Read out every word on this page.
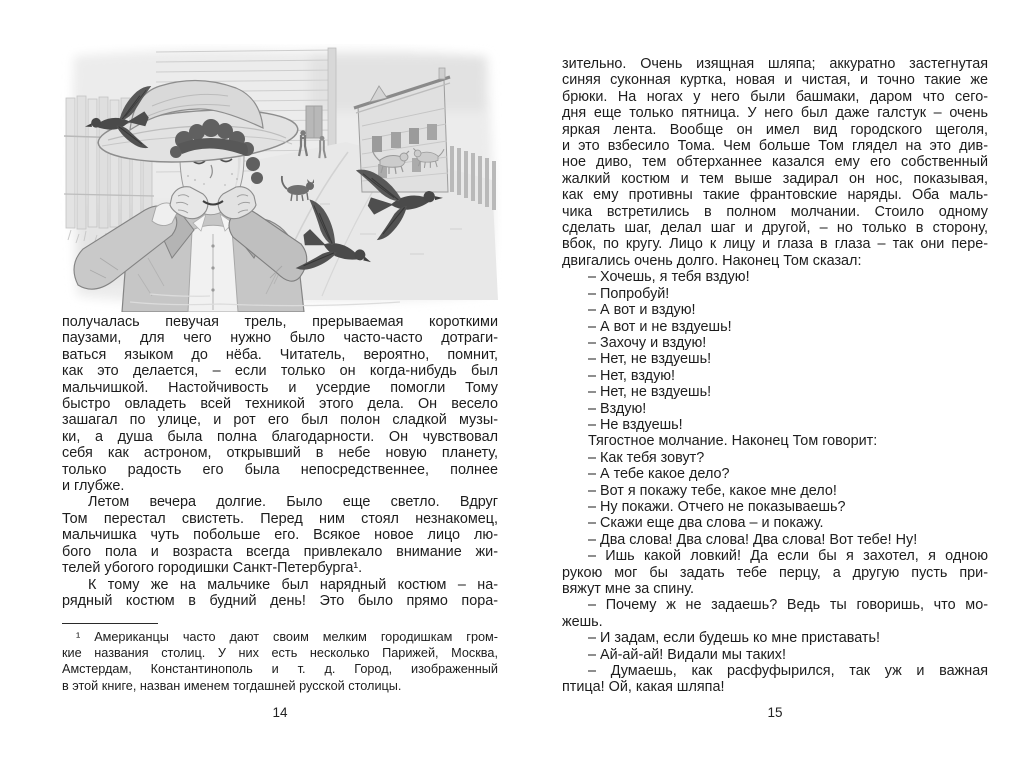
получалась певучая трель, прерываемая короткими
паузами, для чего нужно было часто-часто дотраги-
ваться языком до нёба. Читатель, вероятно, помнит,
как это делается, – если только он когда-нибудь был
мальчишкой. Настойчивость и усердие помогли Тому
быстро овладеть всей техникой этого дела. Он весело
зашагал по улице, и рот его был полон сладкой музы-
ки, а душа была полна благодарности. Он чувствовал
себя как астроном, открывший в небе новую планету,
только радость его была непосредственнее, полнее
и глубже.
Летом вечера долгие. Было еще светло. Вдруг
Том перестал свистеть. Перед ним стоял незнакомец,
мальчишка чуть побольше его. Всякое новое лицо лю-
бого пола и возраста всегда привлекало внимание жи-
телей убогого городишки Санкт-Петербурга¹.
К тому же на мальчике был нарядный костюм – на-
рядный костюм в будний день! Это было прямо пора-
¹ Американцы часто дают своим мелким городишкам гром-
кие названия столиц. У них есть несколько Парижей, Москва,
Амстердам, Константинополь и т. д. Город, изображенный
в этой книге, назван именем тогдашней русской столицы.
14
зительно. Очень изящная шляпа; аккуратно застегнутая
синяя суконная куртка, новая и чистая, и точно такие же
брюки. На ногах у него были башмаки, даром что сего-
дня еще только пятница. У него был даже галстук – очень
яркая лента. Вообще он имел вид городского щеголя,
и это взбесило Тома. Чем больше Том глядел на это див-
ное диво, тем обтерханнее казался ему его собственный
жалкий костюм и тем выше задирал он нос, показывая,
как ему противны такие франтовские наряды. Оба маль-
чика встретились в полном молчании. Стоило одному
сделать шаг, делал шаг и другой, – но только в сторону,
вбок, по кругу. Лицо к лицу и глаза в глаза – так они пере-
двигались очень долго. Наконец Том сказал:
– Хочешь, я тебя вздую!
– Попробуй!
– А вот и вздую!
– А вот и не вздуешь!
– Захочу и вздую!
– Нет, не вздуешь!
– Нет, вздую!
– Нет, не вздуешь!
– Вздую!
– Не вздуешь!
Тягостное молчание. Наконец Том говорит:
– Как тебя зовут?
– А тебе какое дело?
– Вот я покажу тебе, какое мне дело!
– Ну покажи. Отчего не показываешь?
– Скажи еще два слова – и покажу.
– Два слова! Два слова! Два слова! Вот тебе! Ну!
– Ишь какой ловкий! Да если бы я захотел, я одною
рукою мог бы задать тебе перцу, а другую пусть при-
вяжут мне за спину.
– Почему ж не задаешь? Ведь ты говоришь, что мо-
жешь.
– И задам, если будешь ко мне приставать!
– Ай-ай-ай! Видали мы таких!
– Думаешь, как расфуфырился, так уж и важная
птица! Ой, какая шляпа!
15
